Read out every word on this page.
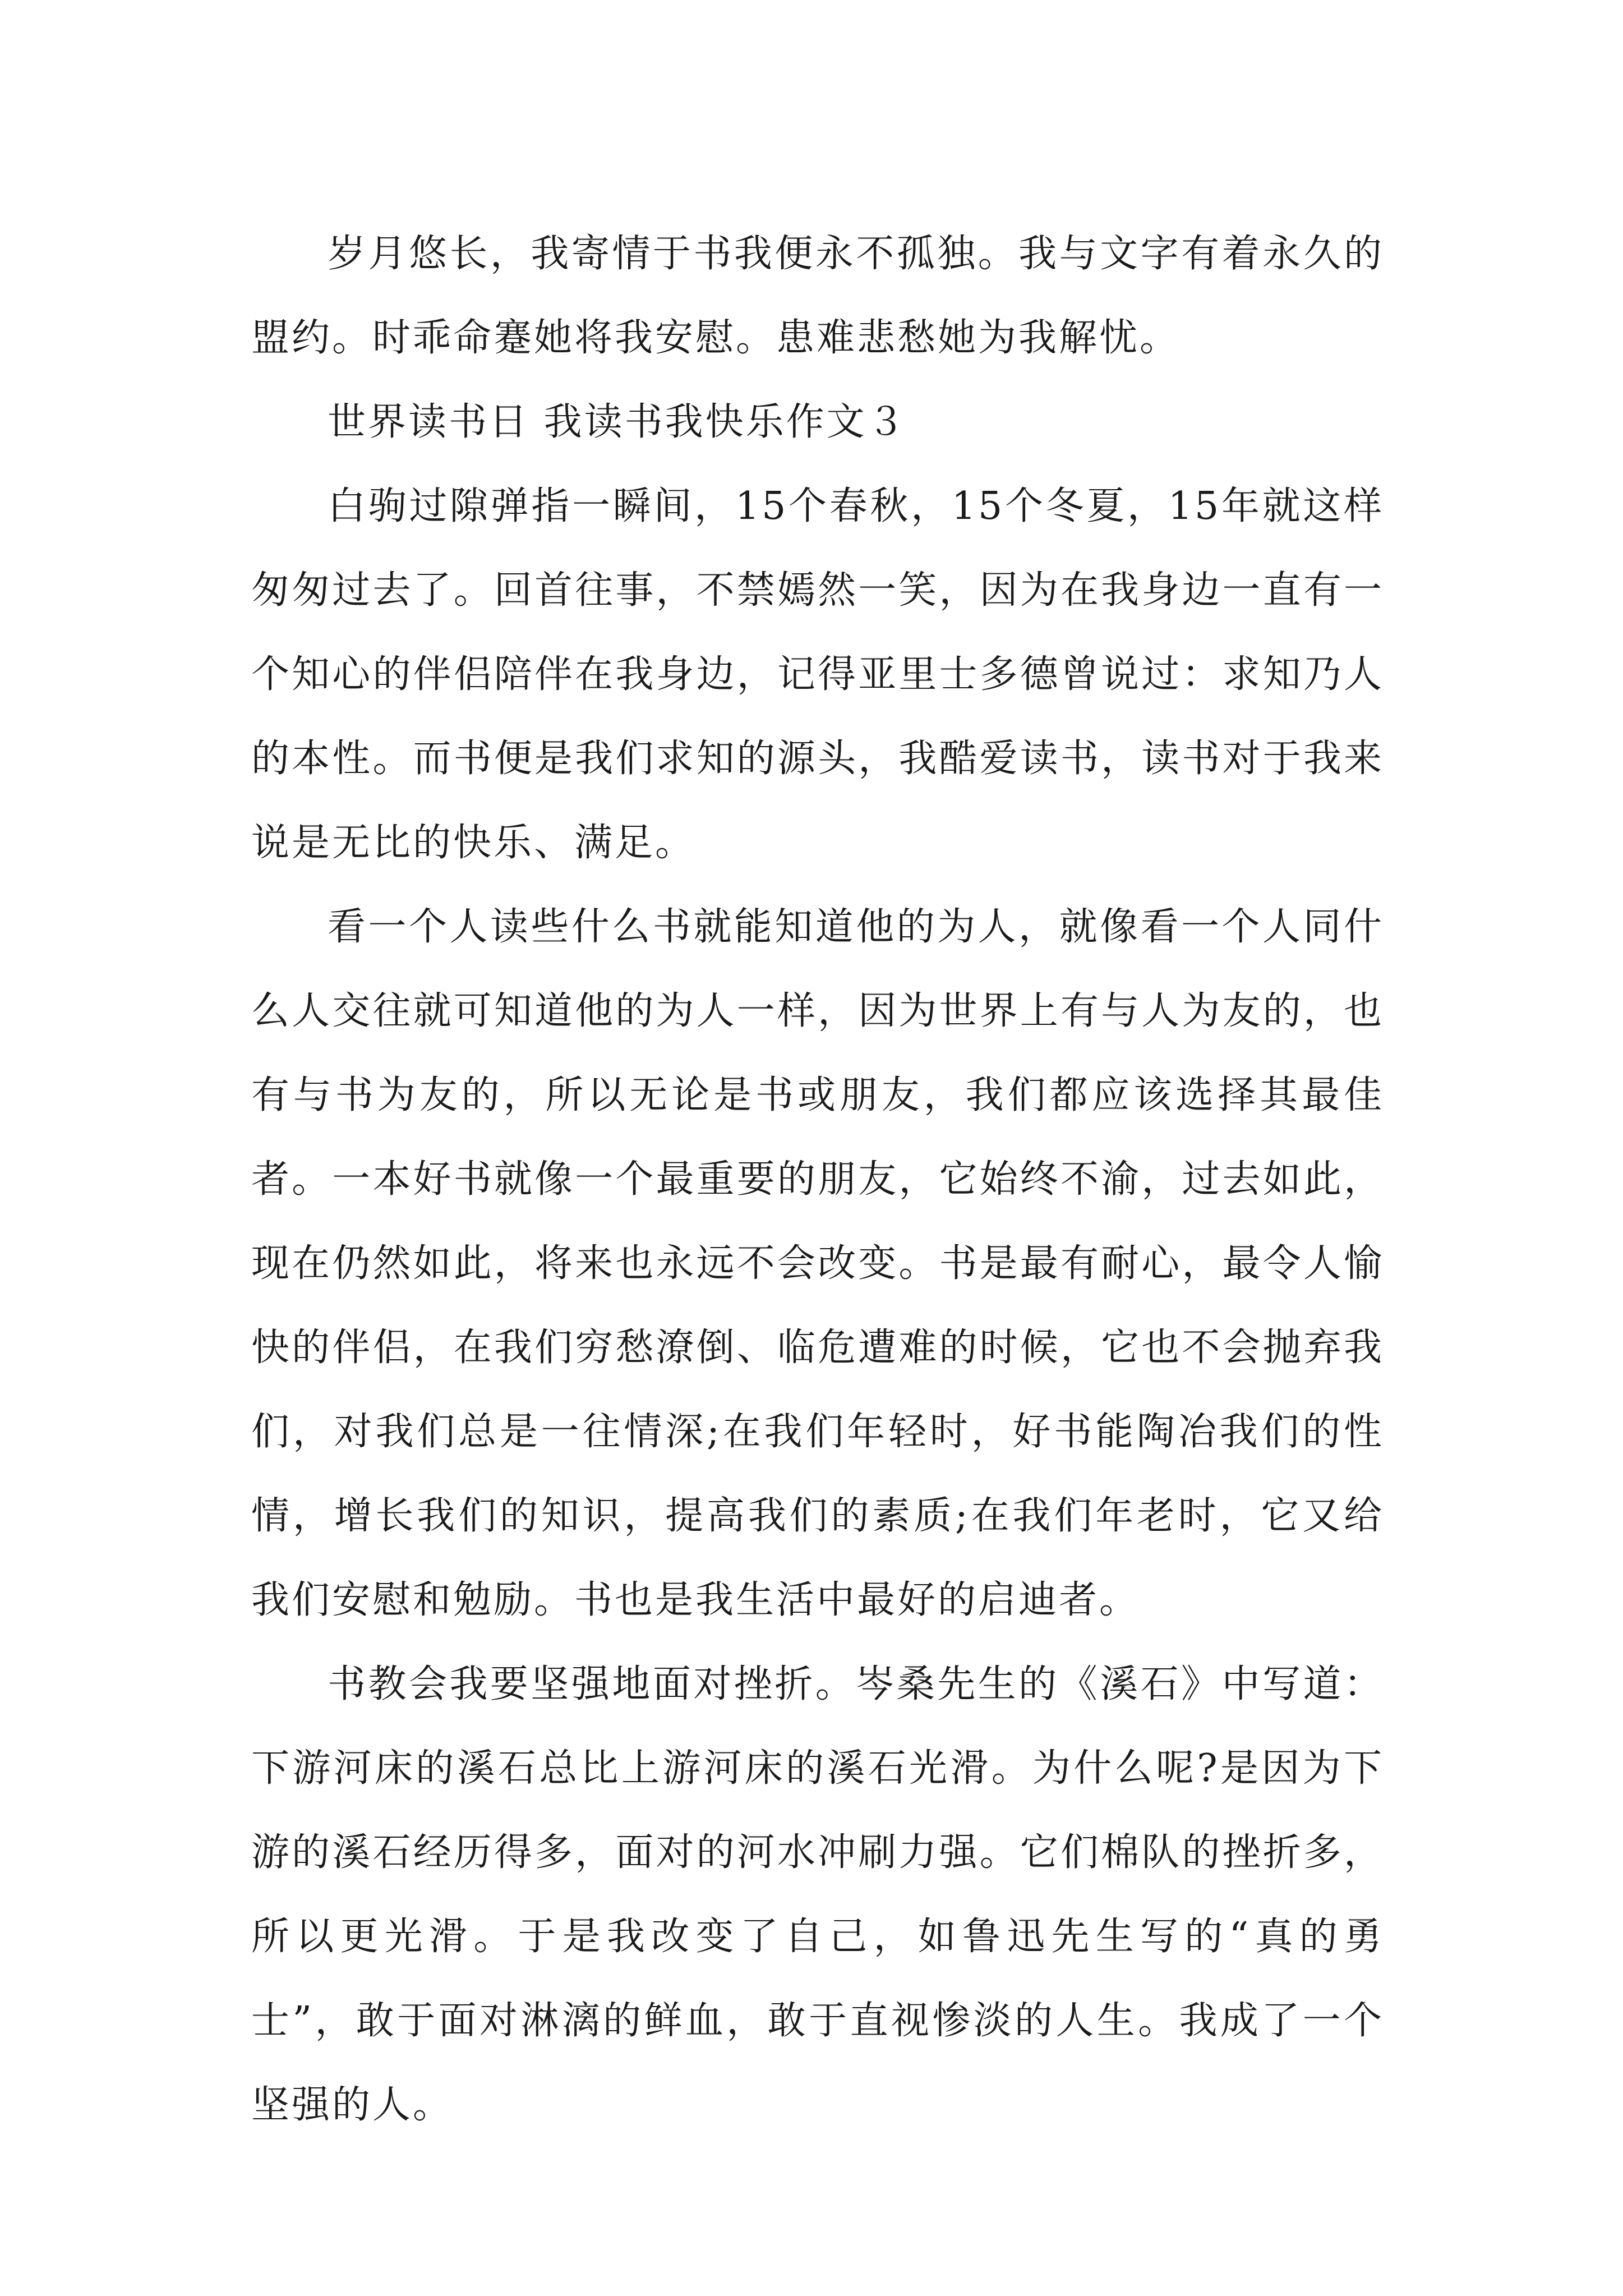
岁月悠长，我寄情于书我便永不孤独。我与文字有着永久的盟约。时乖命蹇她将我安慰。患难悲愁她为我解忧。

世界读书日 我读书我快乐作文３

白驹过隙弹指一瞬间，15个春秋，15个冬夏，15年就这样匆匆过去了。回首往事，不禁嫣然一笑，因为在我身边一直有一个知心的伴侣陪伴在我身边，记得亚里士多德曾说过：求知乃人的本性。而书便是我们求知的源头，我酷爱读书，读书对于我来说是无比的快乐、满足。

看一个人读些什么书就能知道他的为人，就像看一个人同什么人交往就可知道他的为人一样，因为世界上有与人为友的，也有与书为友的，所以无论是书或朋友，我们都应该选择其最佳者。一本好书就像一个最重要的朋友，它始终不渝，过去如此，现在仍然如此，将来也永远不会改变。书是最有耐心，最令人愉快的伴侣，在我们穷愁潦倒、临危遭难的时候，它也不会抛弃我们，对我们总是一往情深;在我们年轻时，好书能陶冶我们的性情，增长我们的知识，提高我们的素质;在我们年老时，它又给我们安慰和勉励。书也是我生活中最好的启迪者。

书教会我要坚强地面对挫折。岑桑先生的《溪石》中写道：下游河床的溪石总比上游河床的溪石光滑。为什么呢?是因为下游的溪石经历得多，面对的河水冲刷力强。它们棉队的挫折多，所以更光滑。于是我改变了自己，如鲁迅先生写的“真的勇士”，敢于面对淋漓的鲜血，敢于直视惨淡的人生。我成了一个坚强的人。
